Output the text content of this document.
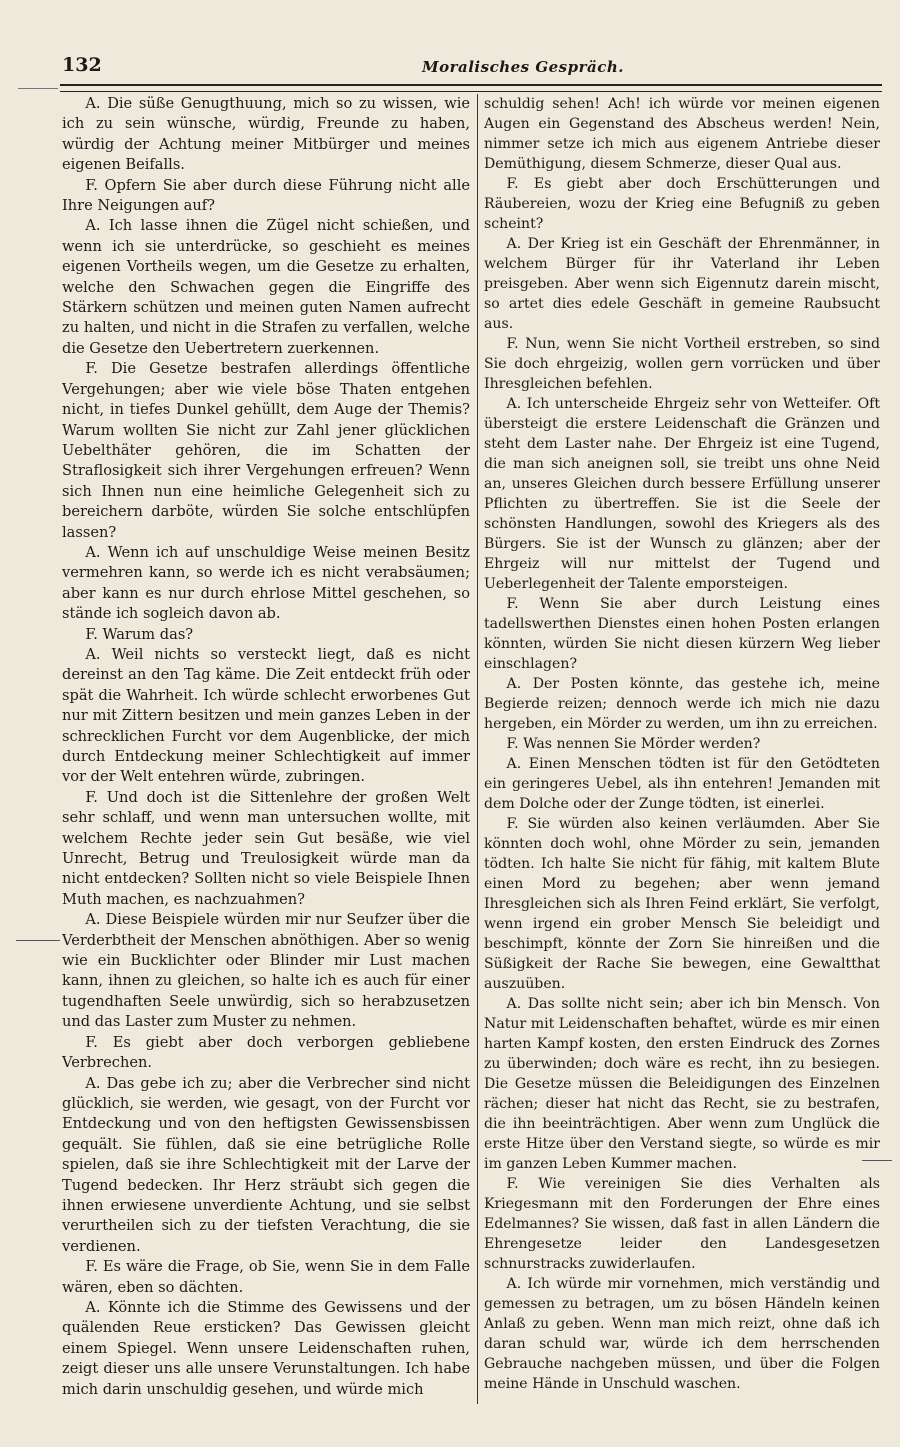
132	Moralisches Gespräch.

A. Die süße Genugthuung, mich so zu wissen, wie ich zu sein wünsche, würdig, Freunde zu haben, würdig der Achtung meiner Mitbürger und meines eigenen Beifalls.

F. Opfern Sie aber durch diese Führung nicht alle Ihre Neigungen auf?

A. Ich lasse ihnen die Zügel nicht schießen, und wenn ich sie unterdrücke, so geschieht es meines eigenen Vortheils wegen, um die Gesetze zu erhalten, welche den Schwachen gegen die Eingriffe des Stärkern schützen und meinen guten Namen aufrecht zu halten, und nicht in die Strafen zu verfallen, welche die Gesetze den Uebertretern zuerkennen.

F. Die Gesetze bestrafen allerdings öffentliche Vergehungen; aber wie viele böse Thaten entgehen nicht, in tiefes Dunkel gehüllt, dem Auge der Themis? Warum wollten Sie nicht zur Zahl jener glücklichen Uebelthäter gehören, die im Schatten der Straflosigkeit sich ihrer Vergehungen erfreuen? Wenn sich Ihnen nun eine heimliche Gelegenheit sich zu bereichern darböte, würden Sie solche entschlüpfen lassen?

A. Wenn ich auf unschuldige Weise meinen Besitz vermehren kann, so werde ich es nicht verabsäumen; aber kann es nur durch ehrlose Mittel geschehen, so stände ich sogleich davon ab.

F. Warum das?

A. Weil nichts so versteckt liegt, daß es nicht dereinst an den Tag käme. Die Zeit entdeckt früh oder spät die Wahrheit. Ich würde schlecht erworbenes Gut nur mit Zittern besitzen und mein ganzes Leben in der schrecklichen Furcht vor dem Augenblicke, der mich durch Entdeckung meiner Schlechtigkeit auf immer vor der Welt entehren würde, zubringen.

F. Und doch ist die Sittenlehre der großen Welt sehr schlaff, und wenn man untersuchen wollte, mit welchem Rechte jeder sein Gut besäße, wie viel Unrecht, Betrug und Treulosigkeit würde man da nicht entdecken? Sollten nicht so viele Beispiele Ihnen Muth machen, es nachzuahmen?

A. Diese Beispiele würden mir nur Seufzer über die Verderbtheit der Menschen abnöthigen. Aber so wenig wie ein Bucklichter oder Blinder mir Lust machen kann, ihnen zu gleichen, so halte ich es auch für einer tugendhaften Seele unwürdig, sich so herabzusetzen und das Laster zum Muster zu nehmen.

F. Es giebt aber doch verborgen gebliebene Verbrechen.

A. Das gebe ich zu; aber die Verbrecher sind nicht glücklich, sie werden, wie gesagt, von der Furcht vor Entdeckung und von den heftigsten Gewissensbissen gequält. Sie fühlen, daß sie eine betrügliche Rolle spielen, daß sie ihre Schlechtigkeit mit der Larve der Tugend bedecken. Ihr Herz sträubt sich gegen die ihnen erwiesene unverdiente Achtung, und sie selbst verurtheilen sich zu der tiefsten Verachtung, die sie verdienen.

F. Es wäre die Frage, ob Sie, wenn Sie in dem Falle wären, eben so dächten.

A. Könnte ich die Stimme des Gewissens und der quälenden Reue ersticken? Das Gewissen gleicht einem Spiegel. Wenn unsere Leidenschaften ruhen, zeigt dieser uns alle unsere Verunstaltungen. Ich habe mich darin unschuldig gesehen, und würde mich

schuldig sehen! Ach! ich würde vor meinen eigenen Augen ein Gegenstand des Abscheus werden! Nein, nimmer setze ich mich aus eigenem Antriebe dieser Demüthigung, diesem Schmerze, dieser Qual aus.

F. Es giebt aber doch Erschütterungen und Räubereien, wozu der Krieg eine Befugniß zu geben scheint?

A. Der Krieg ist ein Geschäft der Ehrenmänner, in welchem Bürger für ihr Vaterland ihr Leben preisgeben. Aber wenn sich Eigennutz darein mischt, so artet dies edele Geschäft in gemeine Raubsucht aus.

F. Nun, wenn Sie nicht Vortheil erstreben, so sind Sie doch ehrgeizig, wollen gern vorrücken und über Ihresgleichen befehlen.

A. Ich unterscheide Ehrgeiz sehr von Wetteifer. Oft übersteigt die erstere Leidenschaft die Gränzen und steht dem Laster nahe. Der Ehrgeiz ist eine Tugend, die man sich aneignen soll, sie treibt uns ohne Neid an, unseres Gleichen durch bessere Erfüllung unserer Pflichten zu übertreffen. Sie ist die Seele der schönsten Handlungen, sowohl des Kriegers als des Bürgers. Sie ist der Wunsch zu glänzen; aber der Ehrgeiz will nur mittelst der Tugend und Ueberlegenheit der Talente emporsteigen.

F. Wenn Sie aber durch Leistung eines tadellswerthen Dienstes einen hohen Posten erlangen könnten, würden Sie nicht diesen kürzern Weg lieber einschlagen?

A. Der Posten könnte, das gestehe ich, meine Begierde reizen; dennoch werde ich mich nie dazu hergeben, ein Mörder zu werden, um ihn zu erreichen.

F. Was nennen Sie Mörder werden?

A. Einen Menschen tödten ist für den Getödteten ein geringeres Uebel, als ihn entehren! Jemanden mit dem Dolche oder der Zunge tödten, ist einerlei.

F. Sie würden also keinen verläumden. Aber Sie könnten doch wohl, ohne Mörder zu sein, jemanden tödten. Ich halte Sie nicht für fähig, mit kaltem Blute einen Mord zu begehen; aber wenn jemand Ihresgleichen sich als Ihren Feind erklärt, Sie verfolgt, wenn irgend ein grober Mensch Sie beleidigt und beschimpft, könnte der Zorn Sie hinreißen und die Süßigkeit der Rache Sie bewegen, eine Gewaltthat auszuüben.

A. Das sollte nicht sein; aber ich bin Mensch. Von Natur mit Leidenschaften behaftet, würde es mir einen harten Kampf kosten, den ersten Eindruck des Zornes zu überwinden; doch wäre es recht, ihn zu besiegen. Die Gesetze müssen die Beleidigungen des Einzelnen rächen; dieser hat nicht das Recht, sie zu bestrafen, die ihn beeinträchtigen. Aber wenn zum Unglück die erste Hitze über den Verstand siegte, so würde es mir im ganzen Leben Kummer machen.

F. Wie vereinigen Sie dies Verhalten als Kriegesmann mit den Forderungen der Ehre eines Edelmannes? Sie wissen, daß fast in allen Ländern die Ehrengesetze leider den Landesgesetzen schnurstracks zuwiderlaufen.

A. Ich würde mir vornehmen, mich verständig und gemessen zu betragen, um zu bösen Händeln keinen Anlaß zu geben. Wenn man mich reizt, ohne daß ich daran schuld war, würde ich dem herrschenden Gebrauche nachgeben müssen, und über die Folgen meine Hände in Unschuld waschen.
